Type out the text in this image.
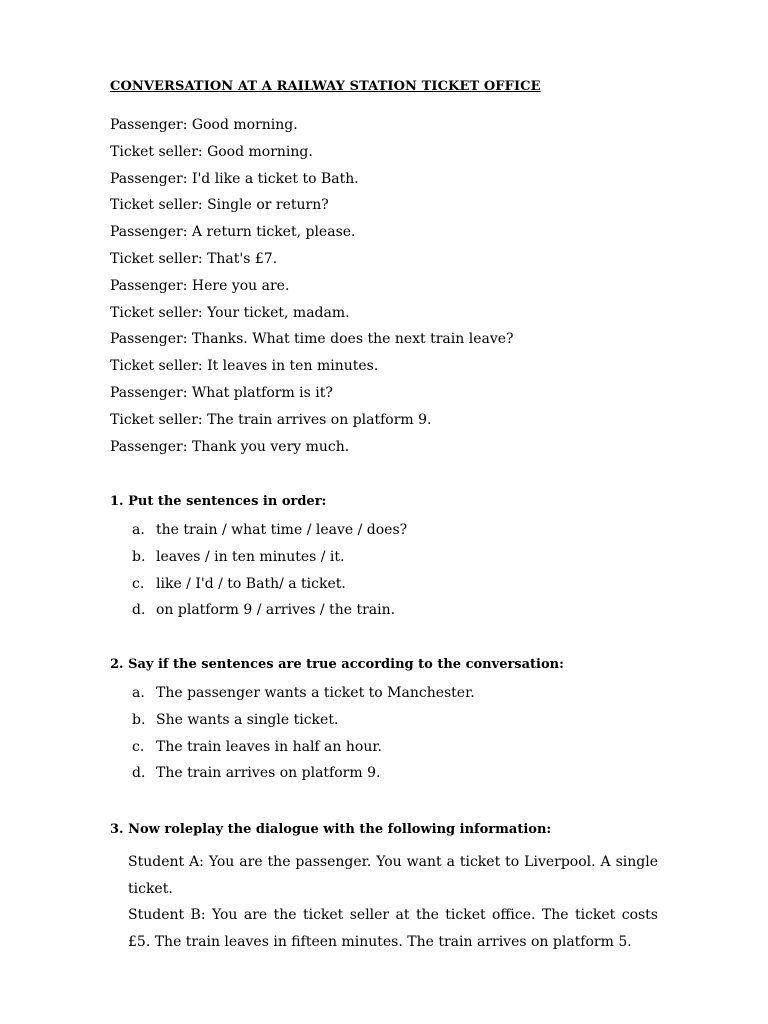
CONVERSATION AT A RAILWAY STATION TICKET OFFICE
Passenger: Good morning.
Ticket seller: Good morning.
Passenger: I'd like a ticket to Bath.
Ticket seller: Single or return?
Passenger: A return ticket, please.
Ticket seller: That's £7.
Passenger: Here you are.
Ticket seller: Your ticket, madam.
Passenger: Thanks. What time does the next train leave?
Ticket seller: It leaves in ten minutes.
Passenger: What platform is it?
Ticket seller: The train arrives on platform 9.
Passenger: Thank you very much.
1. Put the sentences in order:
a. the train / what time / leave / does?
b. leaves / in ten minutes / it.
c. like / I'd / to Bath/ a ticket.
d. on platform 9 / arrives / the train.
2. Say if the sentences are true according to the conversation:
a. The passenger wants a ticket to Manchester.
b. She wants a single ticket.
c. The train leaves in half an hour.
d. The train arrives on platform 9.
3. Now roleplay the dialogue with the following information:

Student A: You are the passenger. You want a ticket to Liverpool. A single ticket.

Student B: You are the ticket seller at the ticket office. The ticket costs £5. The train leaves in fifteen minutes. The train arrives on platform 5.
